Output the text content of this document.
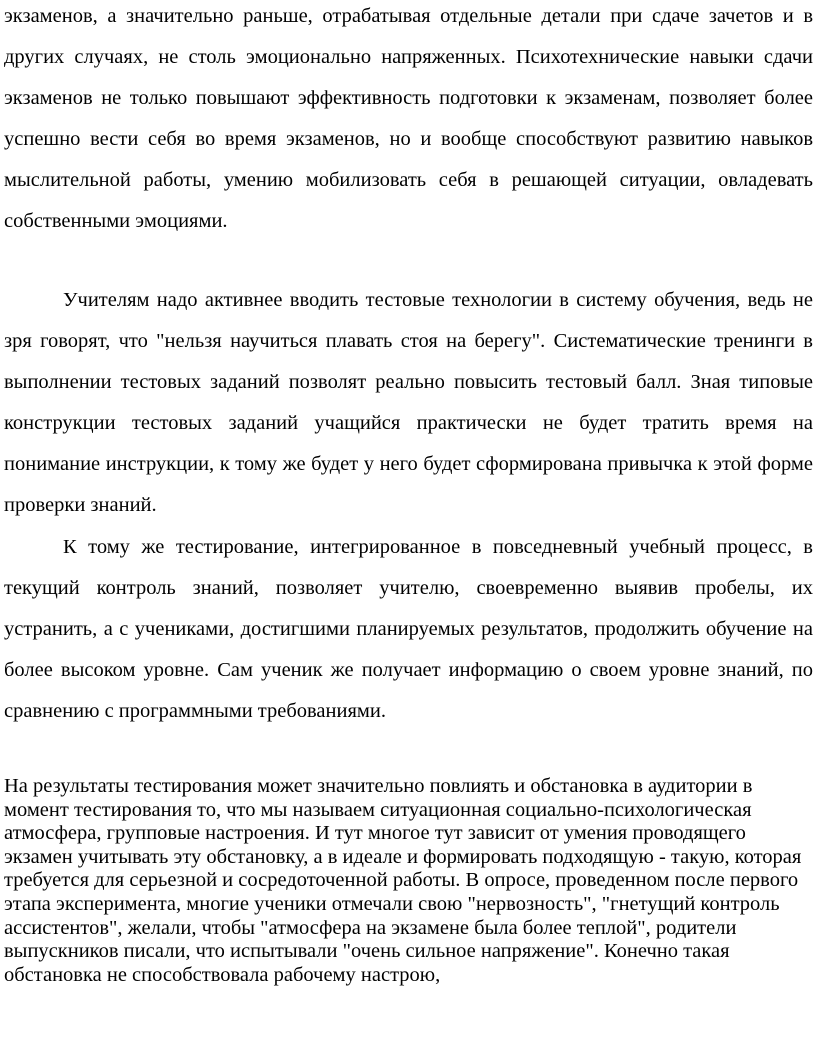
экзаменов, а значительно раньше, отрабатывая отдельные детали при сдаче зачетов и в других случаях, не столь эмоционально напряженных. Психотехнические навыки сдачи экзаменов не только повышают эффективность подготовки к экзаменам, позволяет более успешно вести себя во время экзаменов, но и вообще способствуют развитию навыков мыслительной работы, умению мобилизовать себя в решающей ситуации, овладевать собственными эмоциями.

Учителям надо активнее вводить тестовые технологии в систему обучения, ведь не зря говорят, что "нельзя научиться плавать стоя на берегу". Систематические тренинги в выполнении тестовых заданий позволят реально повысить тестовый балл. Зная типовые конструкции тестовых заданий учащийся практически не будет тратить время на понимание инструкции, к тому же будет у него будет сформирована привычка к этой форме проверки знаний.

К тому же тестирование, интегрированное в повседневный учебный процесс, в текущий контроль знаний, позволяет учителю, своевременно выявив пробелы, их устранить, а с учениками, достигшими планируемых результатов, продолжить обучение на более высоком уровне. Сам ученик же получает информацию о своем уровне знаний, по сравнению с программными требованиями.

На результаты тестирования может значительно повлиять и обстановка в аудитории в момент тестирования то, что мы называем ситуационная социально-психологическая атмосфера, групповые настроения. И тут многое тут зависит от умения проводящего экзамен учитывать эту обстановку, а в идеале и формировать подходящую - такую, которая требуется для серьезной и сосредоточенной работы. В опросе, проведенном после первого этапа эксперимента, многие ученики отмечали свою "нервозность", "гнетущий контроль ассистентов", желали, чтобы "атмосфера на экзамене была более теплой", родители выпускников писали, что испытывали "очень сильное напряжение". Конечно такая обстановка не способствовала рабочему настрою,
